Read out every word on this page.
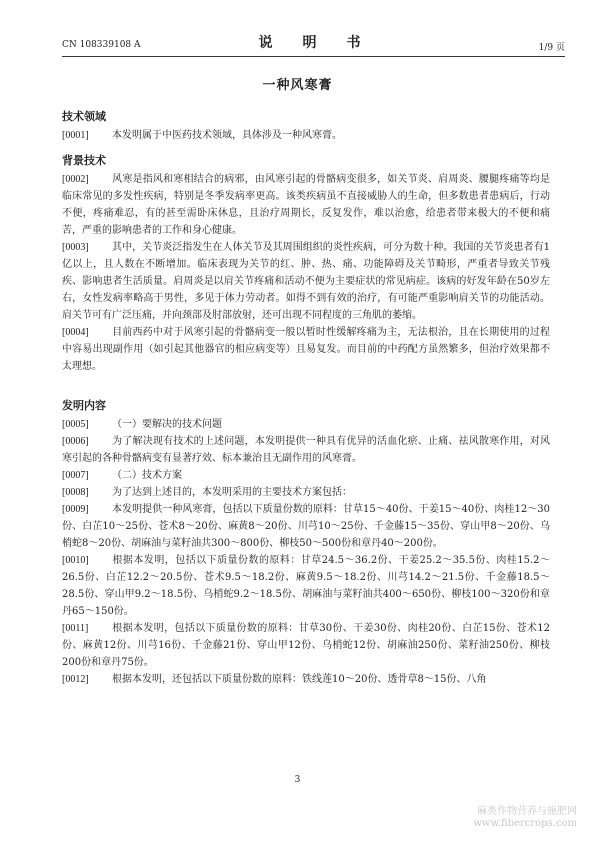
CN 108339108 A	说　明　书	1/9 页
一种风寒膏
技术领域
[ 0001 ]	本发明属于中医药技术领域，具体涉及一种风寒膏。
背景技术
[ 0002 ]	风寒是指风和寒相结合的病邪，由风寒引起的骨骼病变很多，如关节炎、肩周炎、腰腿疼痛等均是临床常见的多发性疾病，特别是冬季发病率更高。该类疾病虽不直接威胁人的生命，但多数患者患病后，行动不便，疼痛难忍，有的甚至需卧床休息，且治疗周期长，反复发作，难以治愈，给患者带来极大的不便和痛苦，严重的影响患者的工作和身心健康。
[ 0003 ]	其中，关节炎泛指发生在人体关节及其周围组织的炎性疾病，可分为数十种。我国的关节炎患者有1亿以上，且人数在不断增加。临床表现为关节的红、肿、热、痛、功能障碍及关节畸形，严重者导致关节残疾、影响患者生活质量。肩周炎是以肩关节疼痛和活动不便为主要症状的常见病症。该病的好发年龄在50岁左右，女性发病率略高于男性，多见于体力劳动者。如得不到有效的治疗，有可能严重影响肩关节的功能活动。肩关节可有广泛压痛，并向颈部及肘部放射，还可出现不同程度的三角肌的萎缩。
[ 0004 ]	目前西药中对于风寒引起的骨骼病变一般以暂时性缓解疼痛为主，无法根治，且在长期使用的过程中容易出现副作用（如引起其他器官的相应病变等）且易复发。而目前的中药配方虽然繁多，但治疗效果都不太理想。
发明内容
[ 0005 ]	（一）要解决的技术问题
[ 0006 ]	为了解决现有技术的上述问题，本发明提供一种具有优异的活血化瘀、止痛、祛风散寒作用，对风寒引起的各种骨骼病变有显著疗效、标本兼治且无副作用的风寒膏。
[ 0007 ]	（二）技术方案
[ 0008 ]	为了达到上述目的，本发明采用的主要技术方案包括：
[ 0009 ]	本发明提供一种风寒膏，包括以下质量份数的原料：甘草15～40份、干姜15～40份、肉桂12～30份、白芷10～25份、苍术8～20份、麻黄8～20份、川芎10～25份、千金藤15～35份、穿山甲8～20份、乌梢蛇8～20份、胡麻油与菜籽油共300～800份、柳枝50～500份和章丹40～200份。
[ 0010 ]	根据本发明，包括以下质量份数的原料：甘草24.5～36.2份、干姜25.2～35.5份、肉桂15.2～26.5份、白芷12.2～20.5份、苍术9.5～18.2份、麻黄9.5～18.2份、川芎14.2～21.5份、千金藤18.5～28.5份、穿山甲9.2～18.5份、乌梢蛇9.2～18.5份、胡麻油与菜籽油共400～650份、柳枝100～320份和章丹65～150份。
[ 0011 ]	根据本发明，包括以下质量份数的原料：甘草30份、干姜30份、肉桂20份、白芷15份、苍术12份、麻黄12份、川芎16份、千金藤21份、穿山甲12份、乌梢蛇12份、胡麻油250份、菜籽油250份、柳枝200份和章丹75份。
[ 0012 ]	根据本发明，还包括以下质量份数的原料：铁线莲10～20份、透骨草8～15份、八角
3
麻类作物营养与施肥网
www.fibercrops.com
